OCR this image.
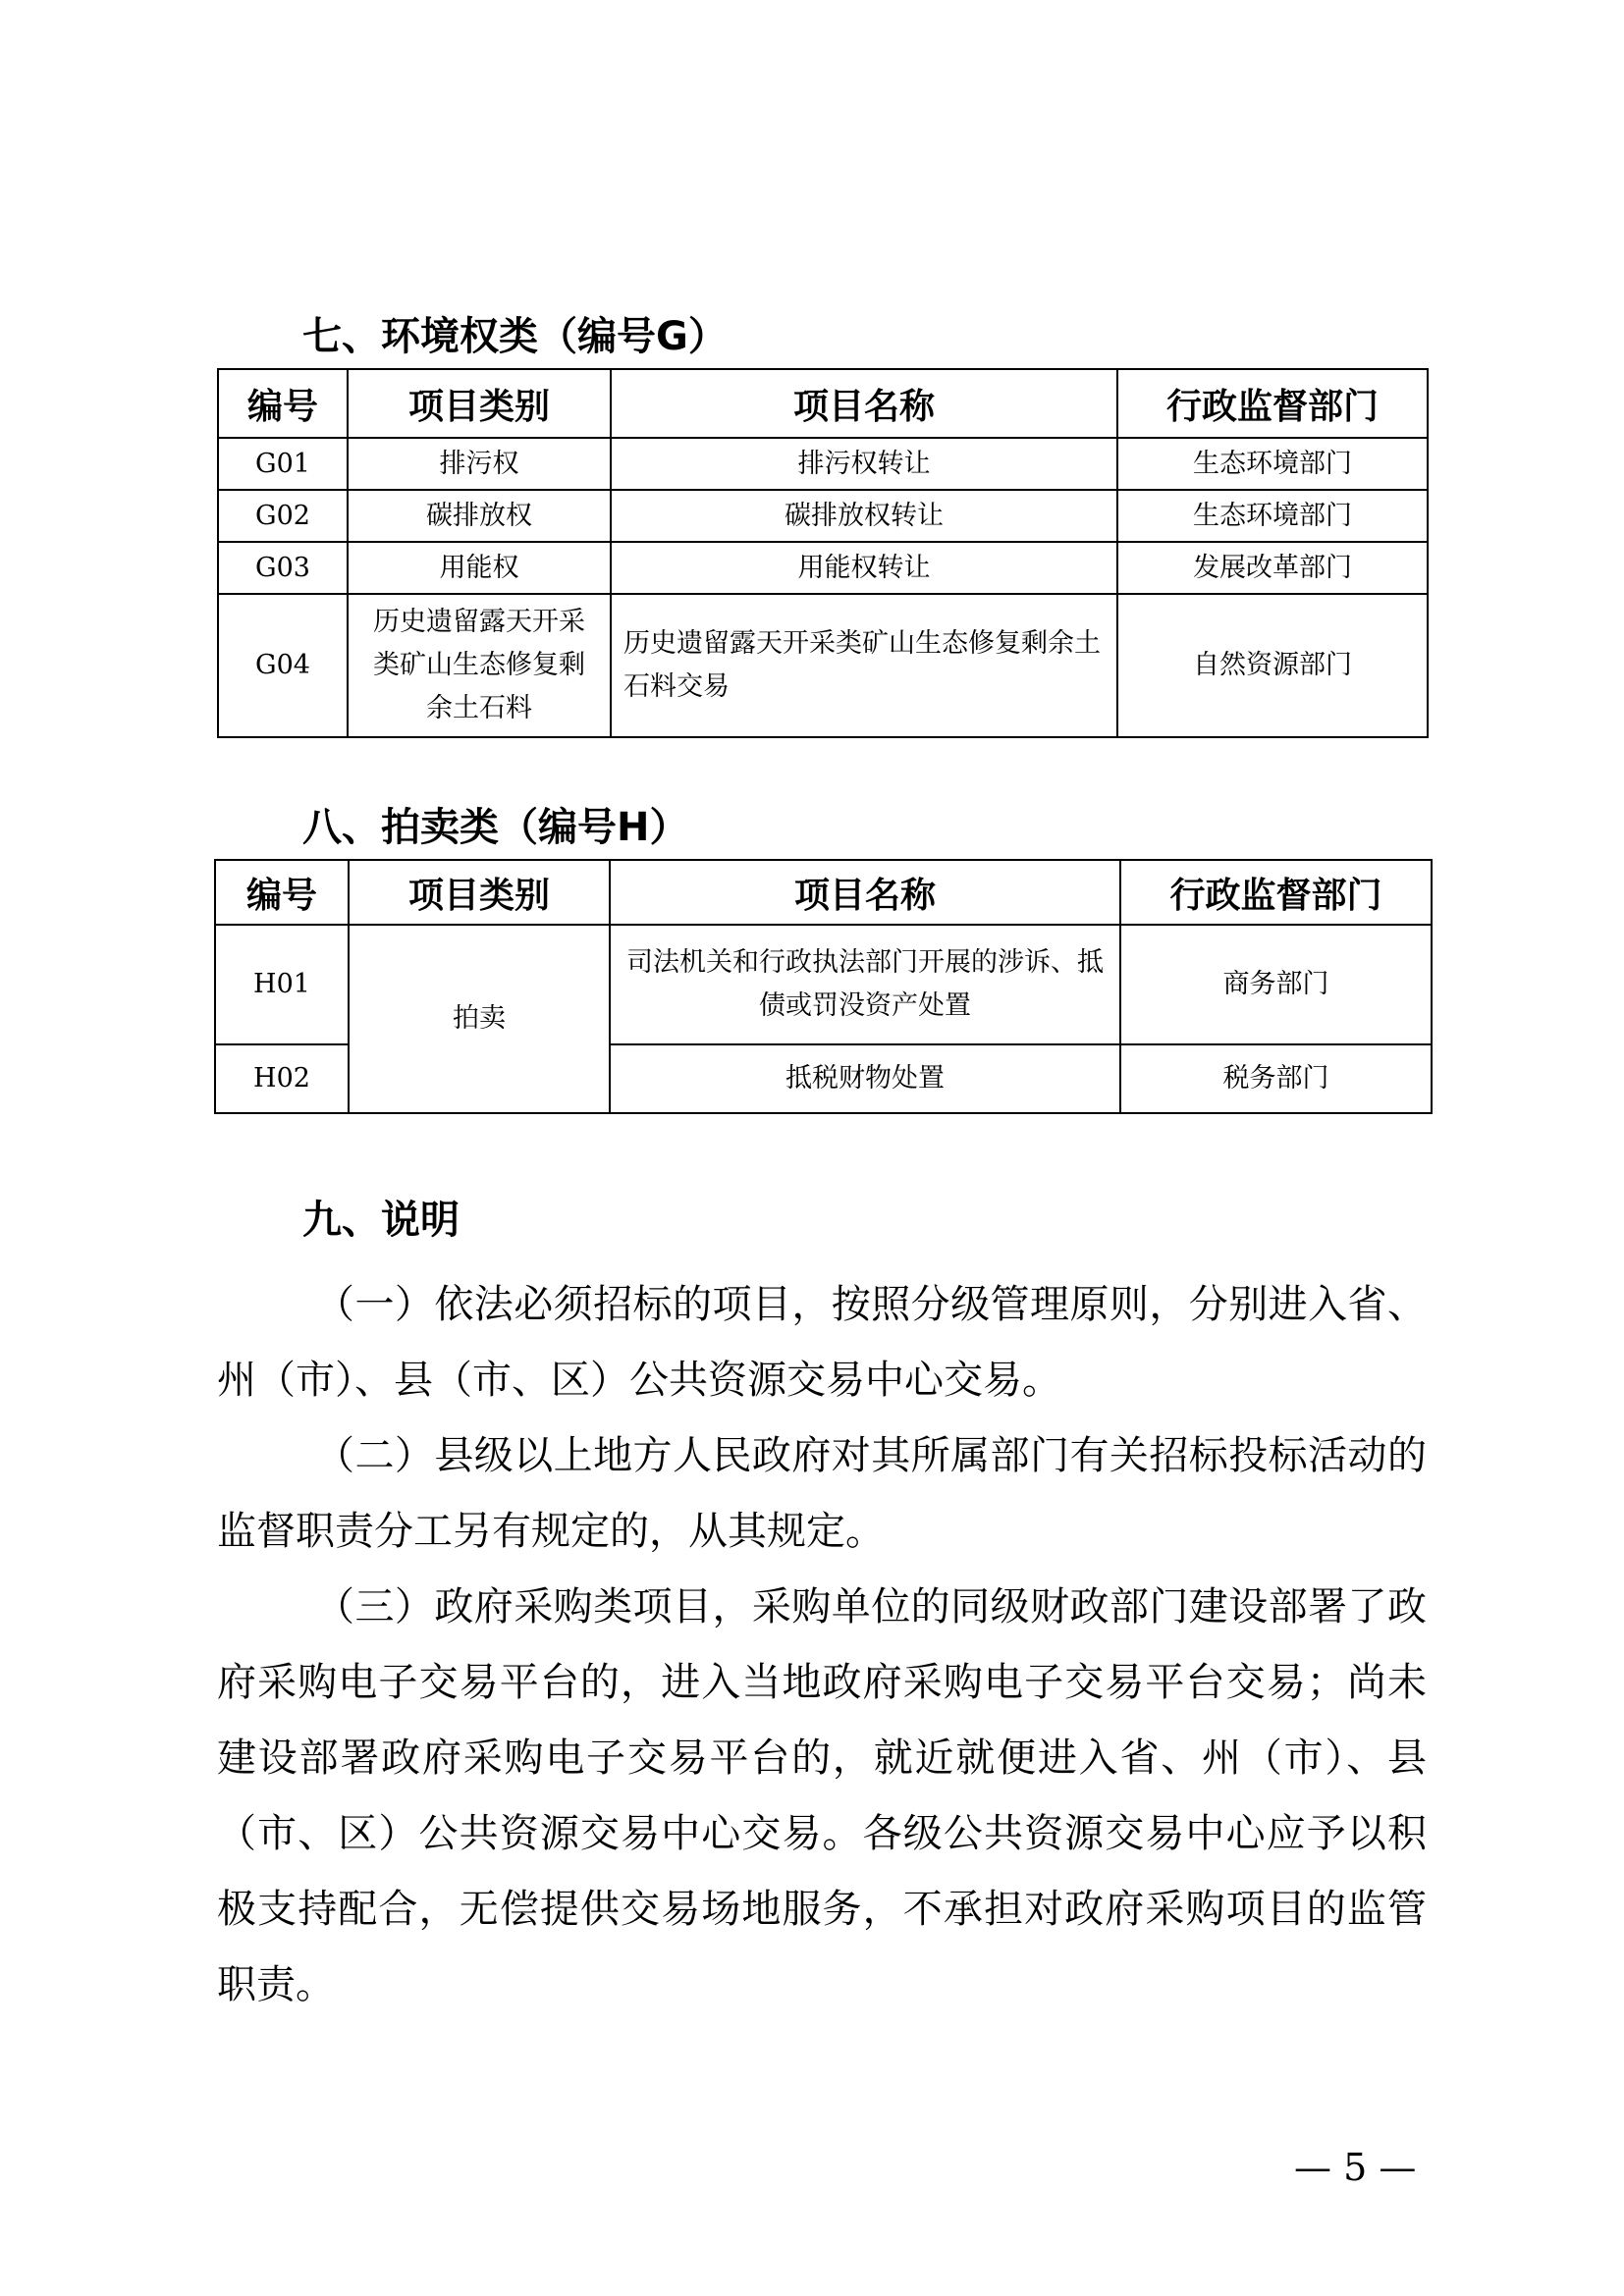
七、环境权类（编号G）
编号	项目类别	项目名称	行政监督部门
G01	排污权	排污权转让	生态环境部门
G02	碳排放权	碳排放权转让	生态环境部门
G03	用能权	用能权转让	发展改革部门
G04	历史遗留露天开采类矿山生态修复剩余土石料	历史遗留露天开采类矿山生态修复剩余土石料交易	自然资源部门
八、拍卖类（编号H）
编号	项目类别	项目名称	行政监督部门
H01	拍卖	司法机关和行政执法部门开展的涉诉、抵债或罚没资产处置	商务部门
H02		抵税财物处置	税务部门
九、说明

（一）依法必须招标的项目，按照分级管理原则，分别进入省、州（市）、县（市、区）公共资源交易中心交易。

（二）县级以上地方人民政府对其所属部门有关招标投标活动的监督职责分工另有规定的，从其规定。

（三）政府采购类项目，采购单位的同级财政部门建设部署了政府采购电子交易平台的，进入当地政府采购电子交易平台交易；尚未建设部署政府采购电子交易平台的，就近就便进入省、州（市）、县（市、区）公共资源交易中心交易。各级公共资源交易中心应予以积极支持配合，无偿提供交易场地服务，不承担对政府采购项目的监管职责。

— 5 —
